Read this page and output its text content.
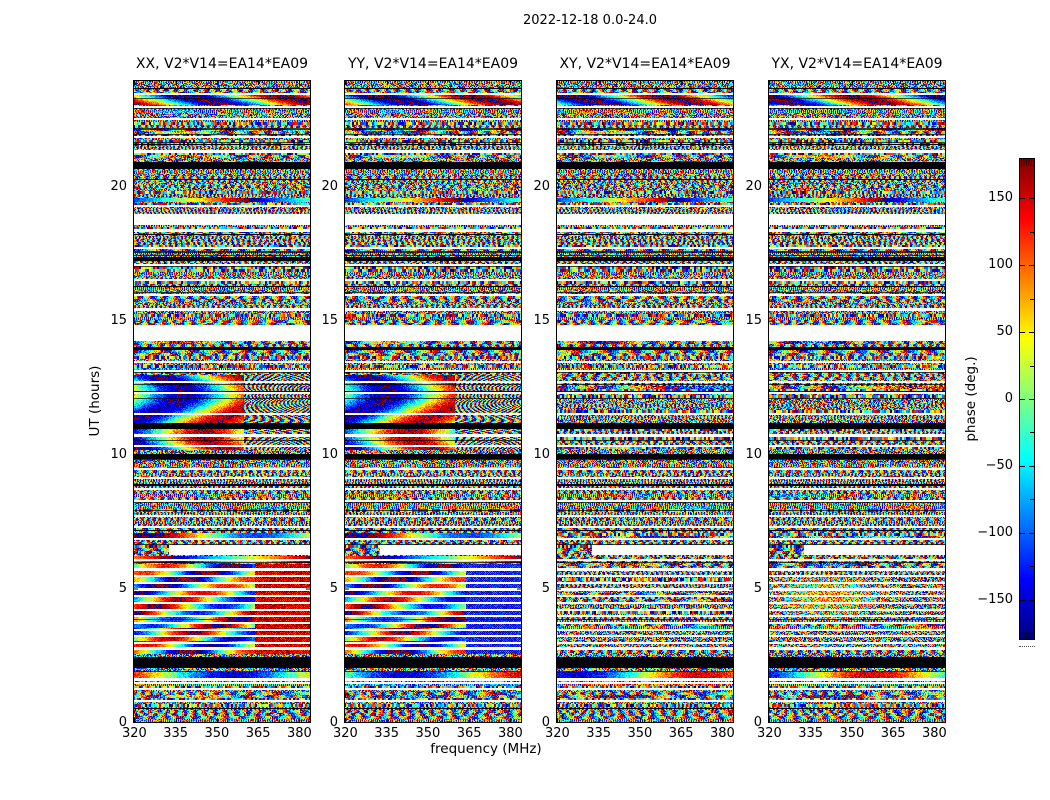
2022-12-18 0.0-24.0
XX, V2*V14=EA14*EA09
0
5
10
15
20
320	335	350	365	380
YY, V2*V14=EA14*EA09
0
5
10
15
20
320	335	350	365	380
XY, V2*V14=EA14*EA09
0
5
10
15
20
320	335	350	365	380
YX, V2*V14=EA14*EA09
0
5
10
15
20
320	335	350	365	380
frequency (MHz)
UT (hours)	phase (deg.)
150
100
50
0
−50
−100
−150
